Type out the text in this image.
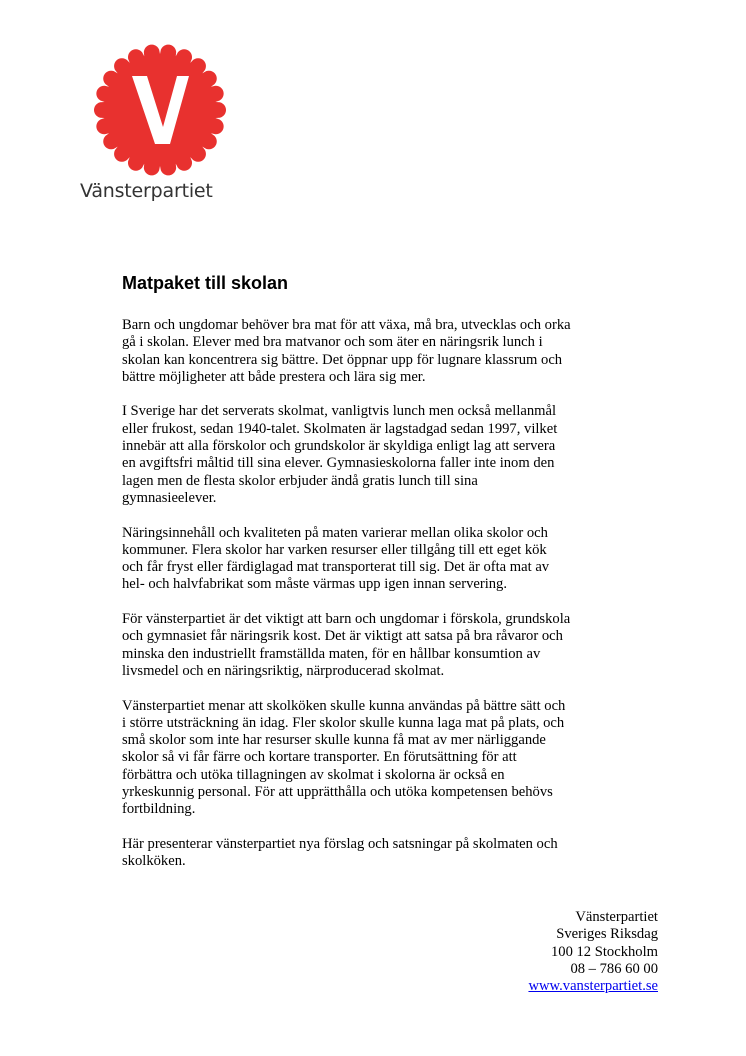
Vänsterpartiet
Matpaket till skolan

Barn och ungdomar behöver bra mat för att växa, må bra, utvecklas och orka
gå i skolan. Elever med bra matvanor och som äter en näringsrik lunch i
skolan kan koncentrera sig bättre. Det öppnar upp för lugnare klassrum och
bättre möjligheter att både prestera och lära sig mer.

I Sverige har det serverats skolmat, vanligtvis lunch men också mellanmål
eller frukost, sedan 1940-talet. Skolmaten är lagstadgad sedan 1997, vilket
innebär att alla förskolor och grundskolor är skyldiga enligt lag att servera
en avgiftsfri måltid till sina elever. Gymnasieskolorna faller inte inom den
lagen men de flesta skolor erbjuder ändå gratis lunch till sina
gymnasieelever.

Näringsinnehåll och kvaliteten på maten varierar mellan olika skolor och
kommuner. Flera skolor har varken resurser eller tillgång till ett eget kök
och får fryst eller färdiglagad mat transporterat till sig. Det är ofta mat av
hel- och halvfabrikat som måste värmas upp igen innan servering.

För vänsterpartiet är det viktigt att barn och ungdomar i förskola, grundskola
och gymnasiet får näringsrik kost. Det är viktigt att satsa på bra råvaror och
minska den industriellt framställda maten, för en hållbar konsumtion av
livsmedel och en näringsriktig, närproducerad skolmat.

Vänsterpartiet menar att skolköken skulle kunna användas på bättre sätt och
i större utsträckning än idag. Fler skolor skulle kunna laga mat på plats, och
små skolor som inte har resurser skulle kunna få mat av mer närliggande
skolor så vi får färre och kortare transporter. En förutsättning för att
förbättra och utöka tillagningen av skolmat i skolorna är också en
yrkeskunnig personal. För att upprätthålla och utöka kompetensen behövs
fortbildning.

Här presenterar vänsterpartiet nya förslag och satsningar på skolmaten och
skolköken.

Vänsterpartiet
Sveriges Riksdag
100 12 Stockholm
08 – 786 60 00
www.vansterpartiet.se
